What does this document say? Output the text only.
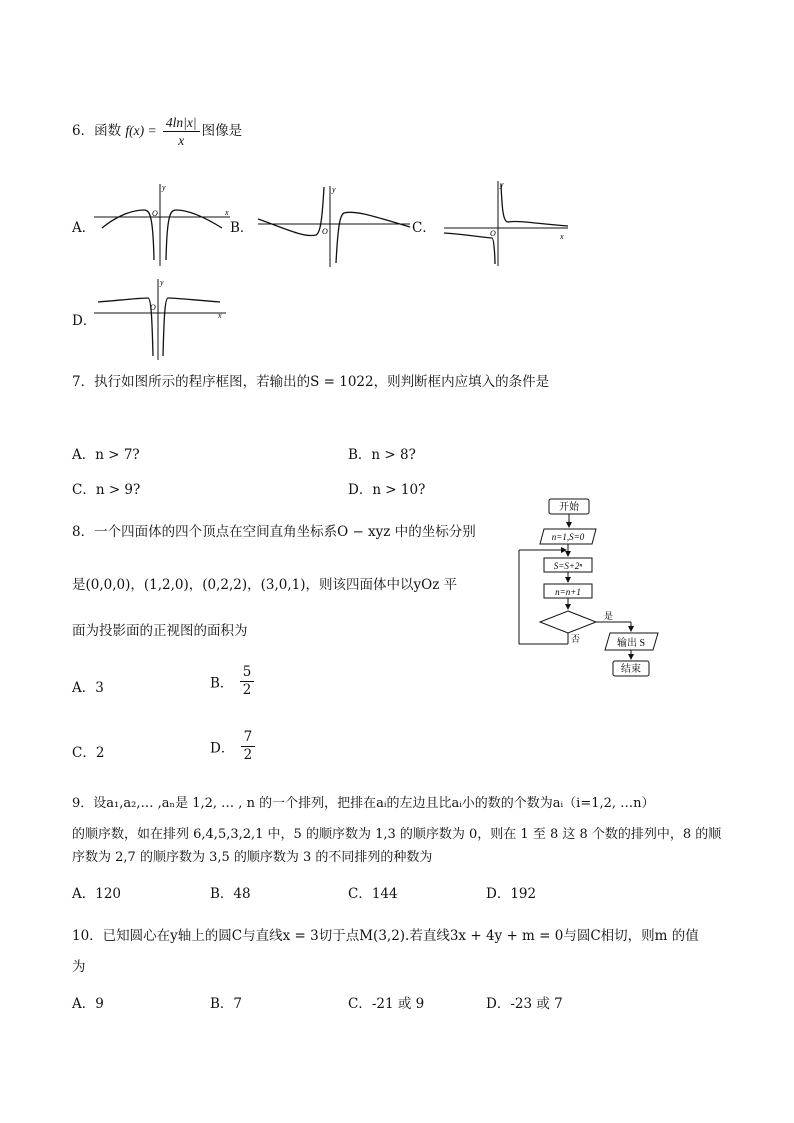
6．函数 $f(x) = \frac{4\ln|x|}{x}$ 图像是
A．	B．	C．
D．
y
x
O
y
O
y
x
O
y
x
O
7．执行如图所示的程序框图，若输出的S = 1022，则判断框内应填入的条件是
A．n > 7?	B．n > 8?
C．n > 9?	D．n > 10?
8．一个四面体的四个顶点在空间直角坐标系O − xyz 中的坐标分别
是(0,0,0)，(1,2,0)，(0,2,2)，(3,0,1)，则该四面体中以yOz 平
面为投影面的正视图的面积为
A．3	B． $\frac{5}{2}$
C．2	D． $\frac{7}{2}$
开始
n=1,S=0
S=S+2ⁿ
n=n+1
是
否	输出 S
结束
9．设a₁,a₂,… ,aₙ是 1,2, … , n 的一个排列，把排在aᵢ的左边且比aᵢ小的数的个数为aᵢ（i=1,2, …n）
的顺序数，如在排列 6,4,5,3,2,1 中，5 的顺序数为 1,3 的顺序数为 0，则在 1 至 8 这 8 个数的排列中，8 的顺
序数为 2,7 的顺序数为 3,5 的顺序数为 3 的不同排列的种数为
A．120	B．48	C．144	D．192
10．已知圆心在y轴上的圆C与直线x = 3切于点M(3,2).若直线3x + 4y + m = 0与圆C相切，则m 的值
为
A．9	B．7	C．-21 或 9	D．-23 或 7
